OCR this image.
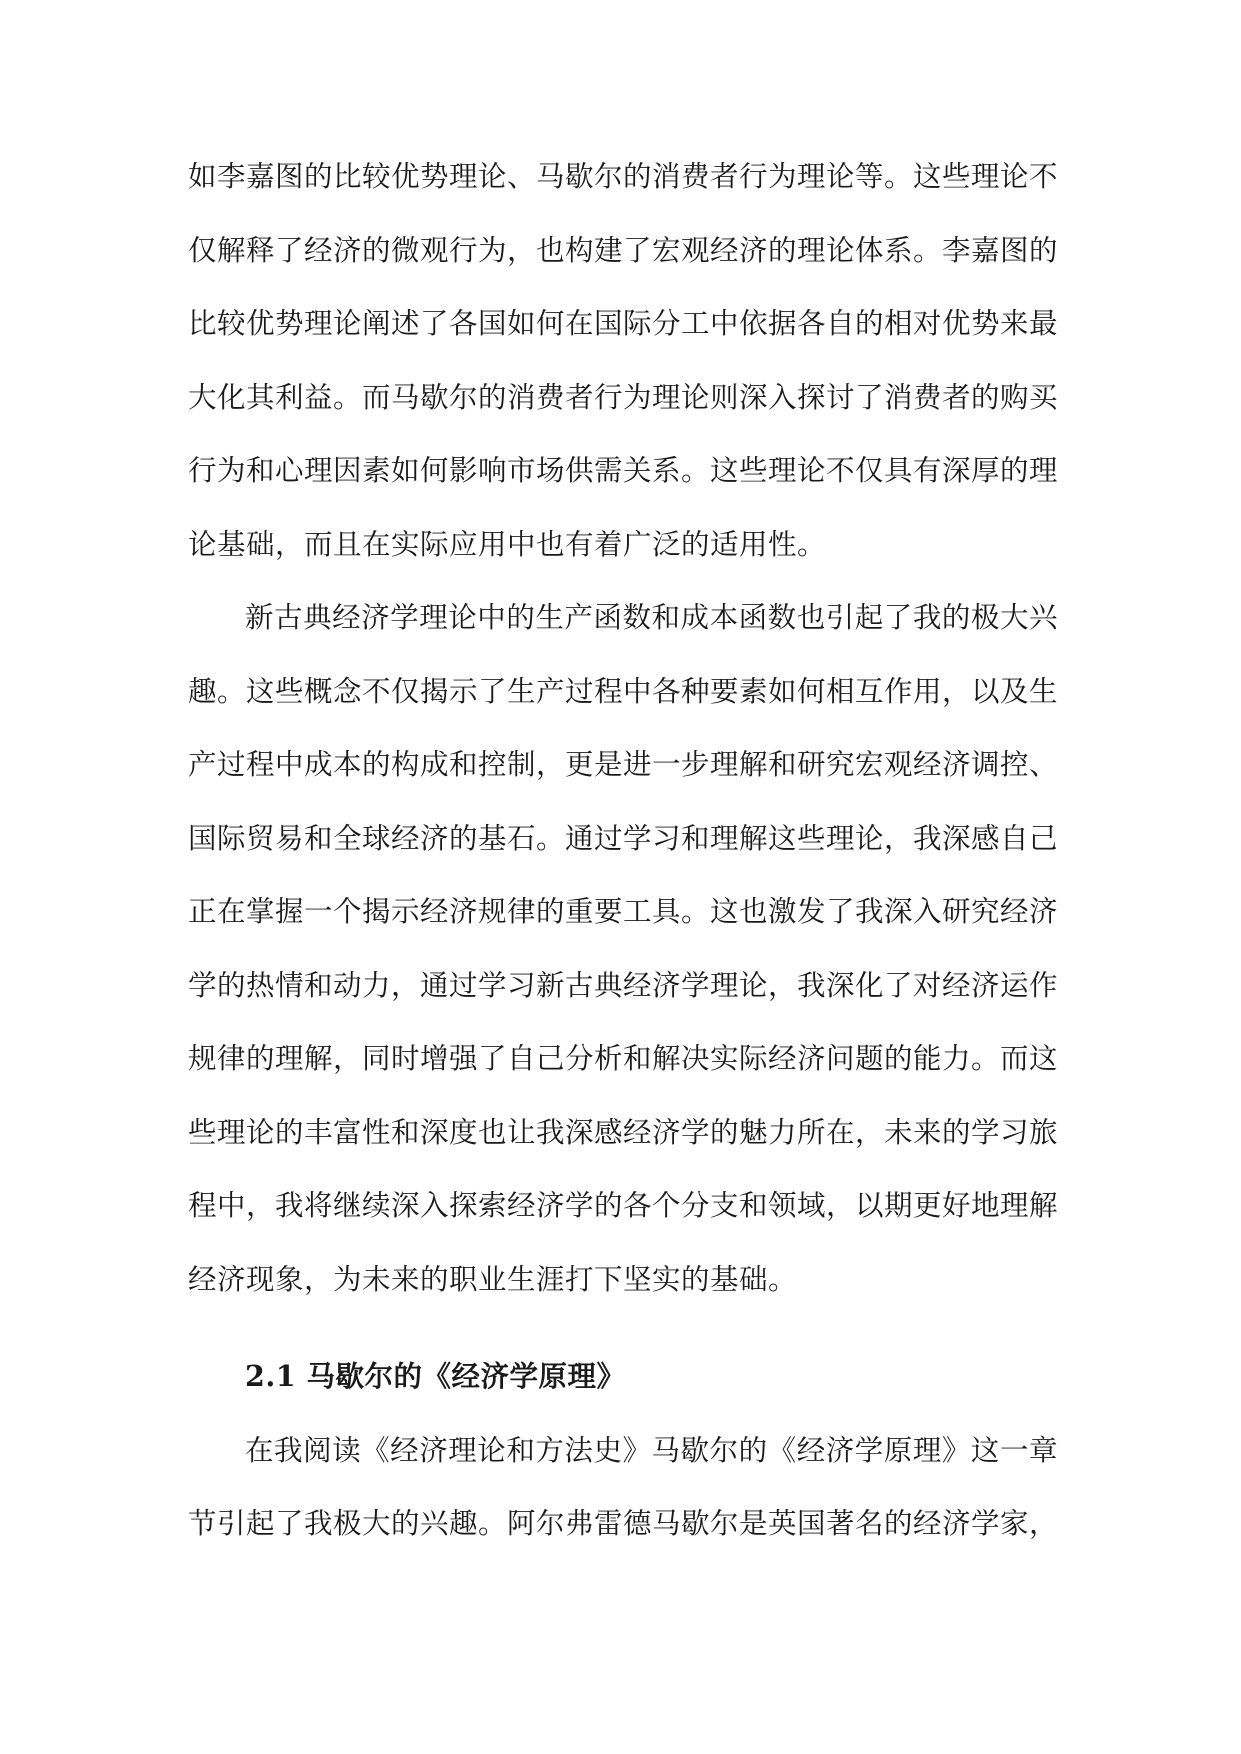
如李嘉图的比较优势理论、马歇尔的消费者行为理论等。这些理论不仅解释了经济的微观行为，也构建了宏观经济的理论体系。李嘉图的比较优势理论阐述了各国如何在国际分工中依据各自的相对优势来最大化其利益。而马歇尔的消费者行为理论则深入探讨了消费者的购买行为和心理因素如何影响市场供需关系。这些理论不仅具有深厚的理论基础，而且在实际应用中也有着广泛的适用性。

新古典经济学理论中的生产函数和成本函数也引起了我的极大兴趣。这些概念不仅揭示了生产过程中各种要素如何相互作用，以及生产过程中成本的构成和控制，更是进一步理解和研究宏观经济调控、国际贸易和全球经济的基石。通过学习和理解这些理论，我深感自己正在掌握一个揭示经济规律的重要工具。这也激发了我深入研究经济学的热情和动力，通过学习新古典经济学理论，我深化了对经济运作规律的理解，同时增强了自己分析和解决实际经济问题的能力。而这些理论的丰富性和深度也让我深感经济学的魅力所在，未来的学习旅程中，我将继续深入探索经济学的各个分支和领域，以期更好地理解经济现象，为未来的职业生涯打下坚实的基础。

2.1 马歇尔的《经济学原理》

在我阅读《经济理论和方法史》马歇尔的《经济学原理》这一章节引起了我极大的兴趣。阿尔弗雷德马歇尔是英国著名的经济学家，
